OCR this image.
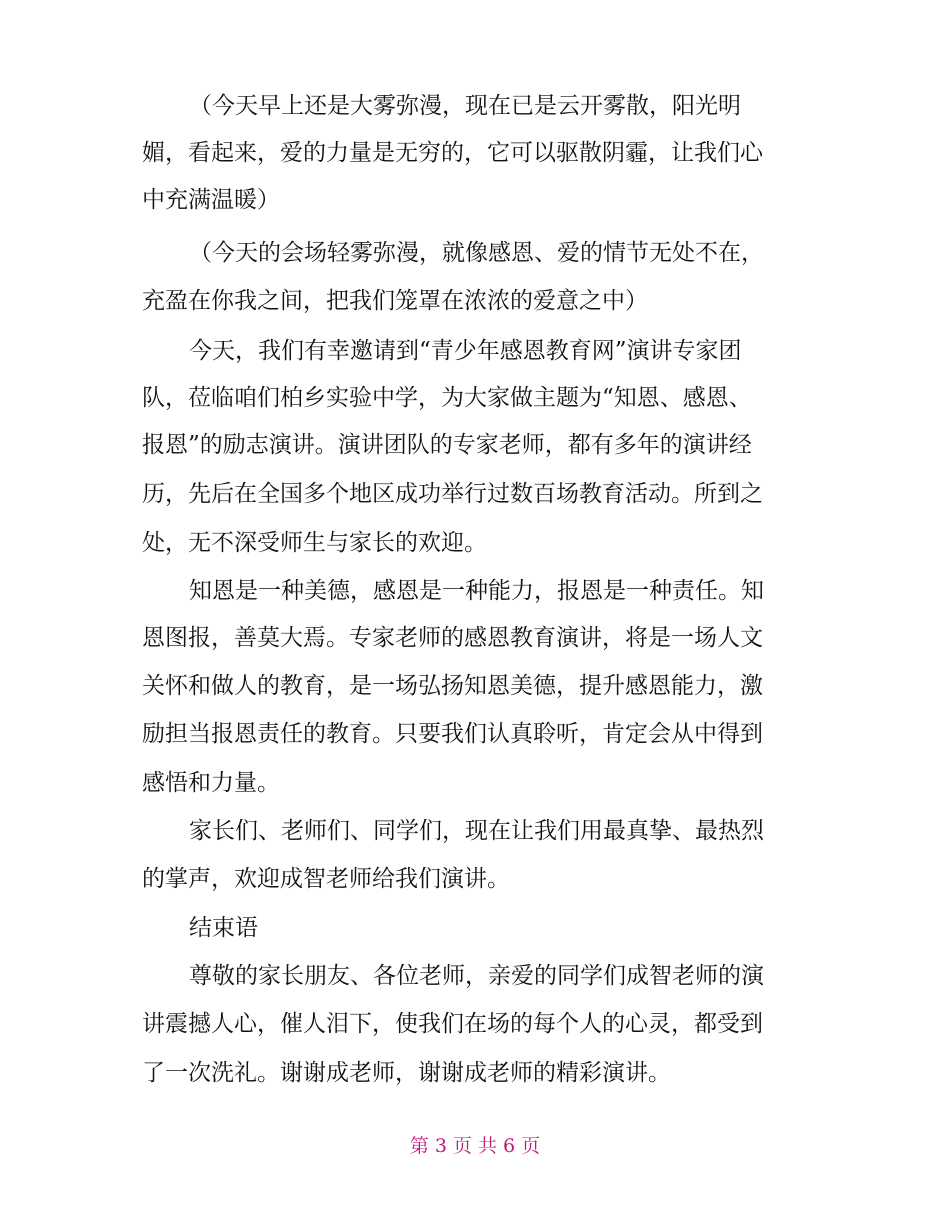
（今天早上还是大雾弥漫，现在已是云开雾散，阳光明
媚，看起来，爱的力量是无穷的，它可以驱散阴霾，让我们心
中充满温暖）
（今天的会场轻雾弥漫，就像感恩、爱的情节无处不在，
充盈在你我之间，把我们笼罩在浓浓的爱意之中）
今天，我们有幸邀请到“青少年感恩教育网”演讲专家团
队，莅临咱们柏乡实验中学，为大家做主题为“知恩、感恩、
报恩”的励志演讲。演讲团队的专家老师，都有多年的演讲经
历，先后在全国多个地区成功举行过数百场教育活动。所到之
处，无不深受师生与家长的欢迎。
知恩是一种美德，感恩是一种能力，报恩是一种责任。知
恩图报，善莫大焉。专家老师的感恩教育演讲，将是一场人文
关怀和做人的教育，是一场弘扬知恩美德，提升感恩能力，激
励担当报恩责任的教育。只要我们认真聆听，肯定会从中得到
感悟和力量。
家长们、老师们、同学们，现在让我们用最真挚、最热烈
的掌声，欢迎成智老师给我们演讲。
结束语
尊敬的家长朋友、各位老师，亲爱的同学们成智老师的演
讲震撼人心，催人泪下，使我们在场的每个人的心灵，都受到
了一次洗礼。谢谢成老师，谢谢成老师的精彩演讲。
第 3 页 共 6 页
